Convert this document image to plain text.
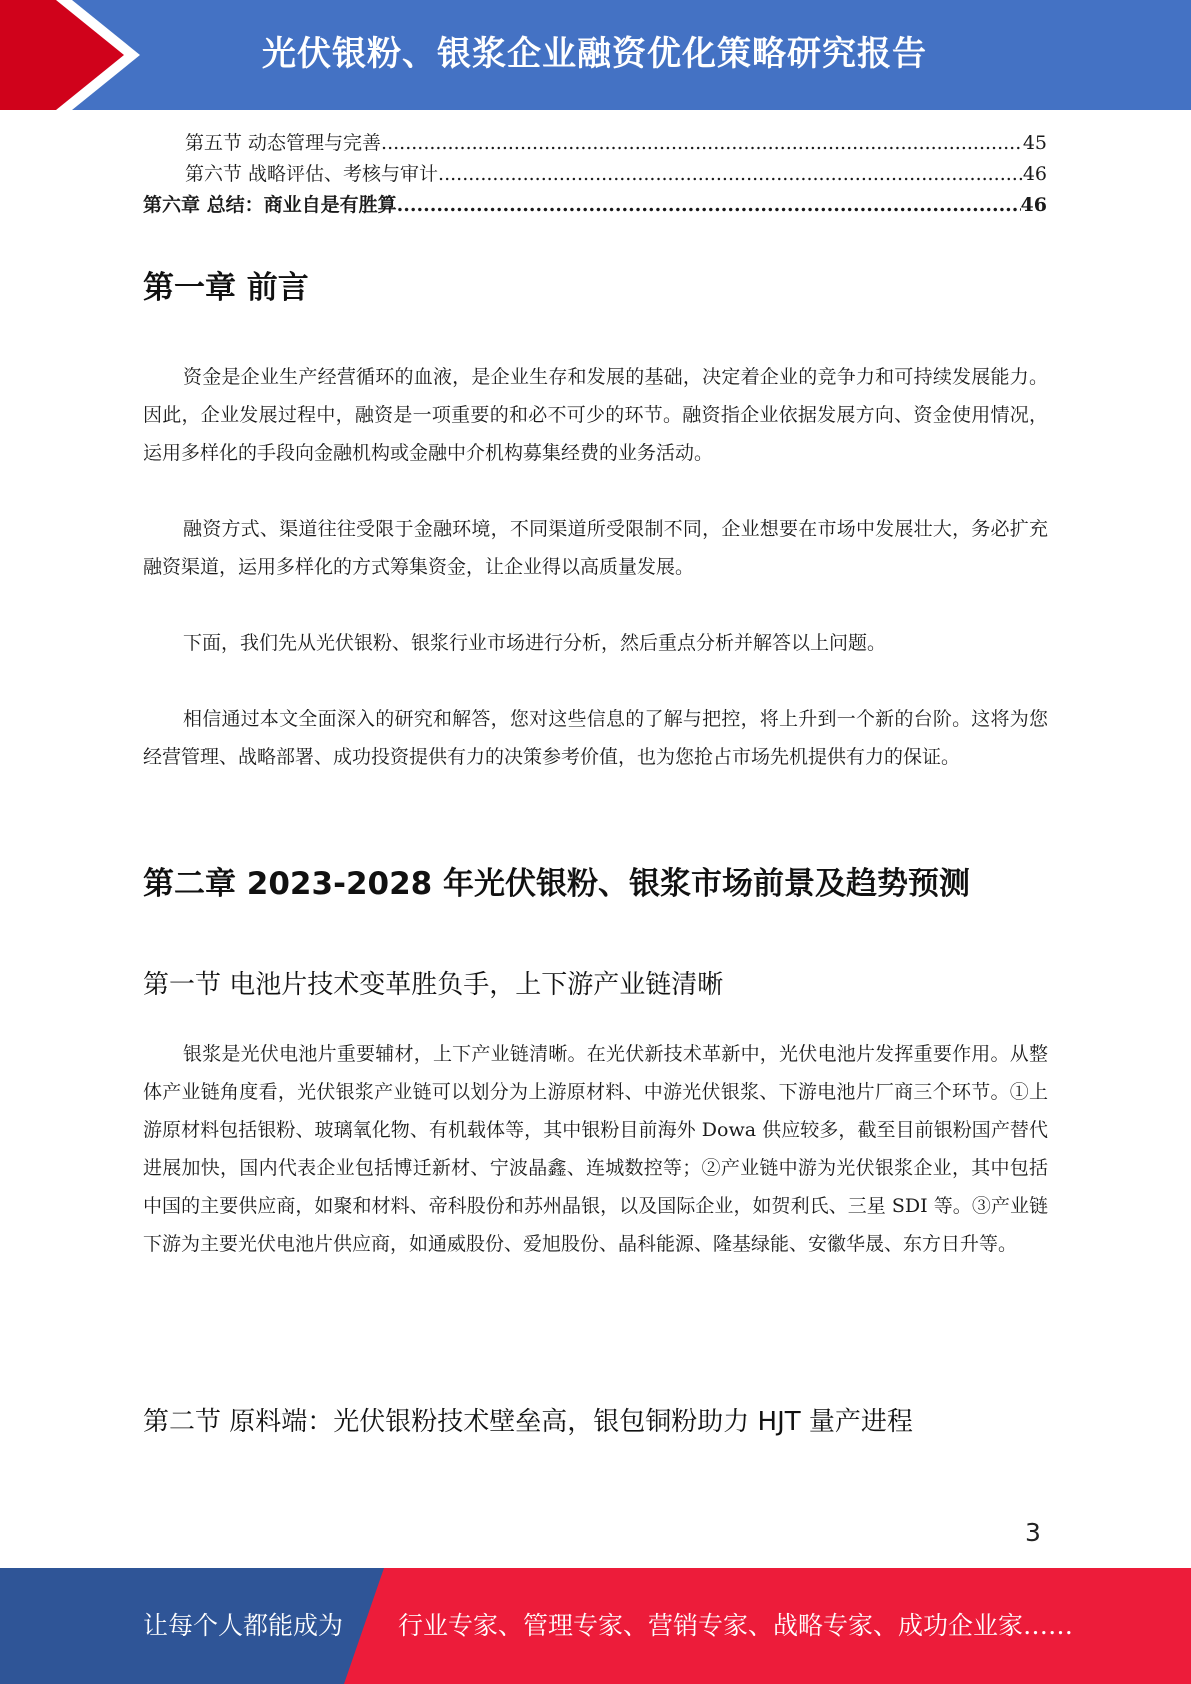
光伏银粉、银浆企业融资优化策略研究报告
第五节 动态管理与完善 .....	45
第六节 战略评估、考核与审计 .....	46
第六章 总结：商业自是有胜算 .....	46
第一章 前言

资金是企业生产经营循环的血液，是企业生存和发展的基础，决定着企业的竞争力和可持续发展能力。因此，企业发展过程中，融资是一项重要的和必不可少的环节。融资指企业依据发展方向、资金使用情况，运用多样化的手段向金融机构或金融中介机构募集经费的业务活动。

融资方式、渠道往往受限于金融环境，不同渠道所受限制不同，企业想要在市场中发展壮大，务必扩充融资渠道，运用多样化的方式筹集资金，让企业得以高质量发展。

下面，我们先从光伏银粉、银浆行业市场进行分析，然后重点分析并解答以上问题。

相信通过本文全面深入的研究和解答，您对这些信息的了解与把控，将上升到一个新的台阶。这将为您经营管理、战略部署、成功投资提供有力的决策参考价值，也为您抢占市场先机提供有力的保证。

第二章 2023-2028 年光伏银粉、银浆市场前景及趋势预测
第一节 电池片技术变革胜负手，上下游产业链清晰

银浆是光伏电池片重要辅材，上下产业链清晰。在光伏新技术革新中，光伏电池片发挥重要作用。从整体产业链角度看，光伏银浆产业链可以划分为上游原材料、中游光伏银浆、下游电池片厂商三个环节。①上游原材料包括银粉、玻璃氧化物、有机载体等，其中银粉目前海外 Dowa 供应较多，截至目前银粉国产替代进展加快，国内代表企业包括博迁新材、宁波晶鑫、连城数控等；②产业链中游为光伏银浆企业，其中包括中国的主要供应商，如聚和材料、帝科股份和苏州晶银，以及国际企业，如贺利氏、三星 SDI 等。③产业链下游为主要光伏电池片供应商，如通威股份、爱旭股份、晶科能源、隆基绿能、安徽华晟、东方日升等。

第二节 原料端：光伏银粉技术壁垒高，银包铜粉助力 HJT 量产进程
3
让每个人都能成为 行业专家、管理专家、营销专家、战略专家、成功企业家……
